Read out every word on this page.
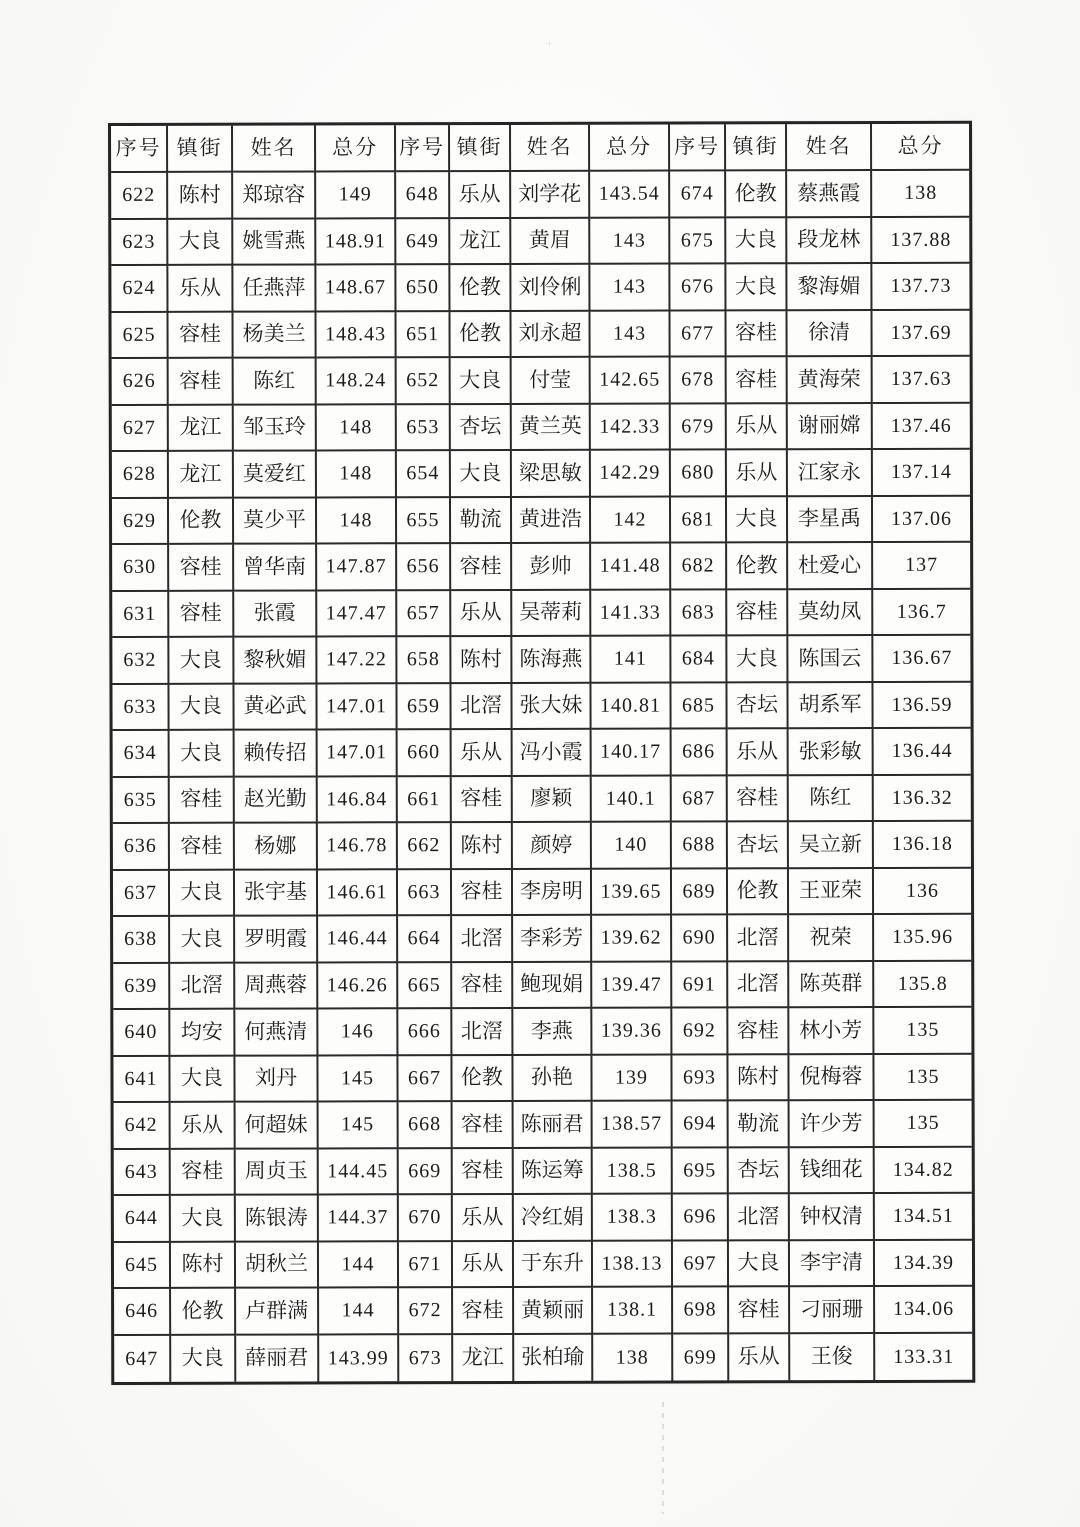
序号 镇街	姓名	总分 序号 镇街	姓名	总分	序号 镇街	姓名	总分
622	陈村	郑琼容	149	648 乐从 刘学花 143.54	674 伦教 蔡燕霞	138
623	大良	姚雪燕 148.91 649 龙江	黄眉	143	675 大良 段龙林	137.88
624	乐从	任燕萍 148.67 650 伦教 刘伶俐	143	676 大良 黎海媚	137.73
625	容桂	杨美兰 148.43 651 伦教 刘永超	143	677 容桂	徐清	137.69
626	容桂	陈红	148.24 652 大良	付莹	142.65	678 容桂 黄海荣	137.63
627	龙江	邹玉玲	148	653 杏坛 黄兰英 142.33	679 乐从 谢丽嫦	137.46
628	龙江	莫爱红	148	654 大良 梁思敏 142.29	680 乐从 江家永	137.14
629	伦教	莫少平	148	655 勒流 黄进浩	142	681 大良 李星禹	137.06
630	容桂	曾华南 147.87 656 容桂	彭帅	141.48	682 伦教 杜爱心	137
631	容桂	张霞	147.47 657 乐从 吴蒂莉 141.33	683 容桂 莫幼凤	136.7
632	大良	黎秋媚 147.22 658 陈村 陈海燕	141	684 大良 陈国云	136.67
633	大良	黄必武 147.01 659 北滘 张大妹 140.81	685 杏坛 胡系军	136.59
634	大良	赖传招 147.01 660 乐从 冯小霞 140.17	686 乐从 张彩敏	136.44
635	容桂	赵光勤 146.84 661 容桂	廖颖	140.1	687 容桂	陈红	136.32
636	容桂	杨娜	146.78 662 陈村	颜婷	140	688 杏坛 吴立新	136.18
637	大良	张宇基 146.61 663 容桂 李房明 139.65	689 伦教 王亚荣	136
638	大良	罗明霞 146.44 664 北滘 李彩芳 139.62	690 北滘	祝荣	135.96
639	北滘	周燕蓉 146.26 665 容桂 鲍现娟 139.47	691 北滘 陈英群	135.8
640	均安	何燕清	146	666 北滘	李燕	139.36	692 容桂 林小芳	135
641	大良	刘丹	145	667 伦教	孙艳	139	693 陈村 倪梅蓉	135
642	乐从	何超妹	145	668 容桂 陈丽君 138.57	694 勒流 许少芳	135
643	容桂	周贞玉 144.45 669 容桂 陈运筹	138.5	695 杏坛 钱细花	134.82
644	大良	陈银涛 144.37 670 乐从 冷红娟	138.3	696 北滘 钟权清	134.51
645	陈村	胡秋兰	144	671 乐从 于东升 138.13	697 大良 李宇清	134.39
646	伦教	卢群满	144	672 容桂 黄颖丽	138.1	698 容桂 刁丽珊	134.06
647	大良	薛丽君 143.99 673 龙江 张柏瑜	138	699 乐从	王俊	133.31
